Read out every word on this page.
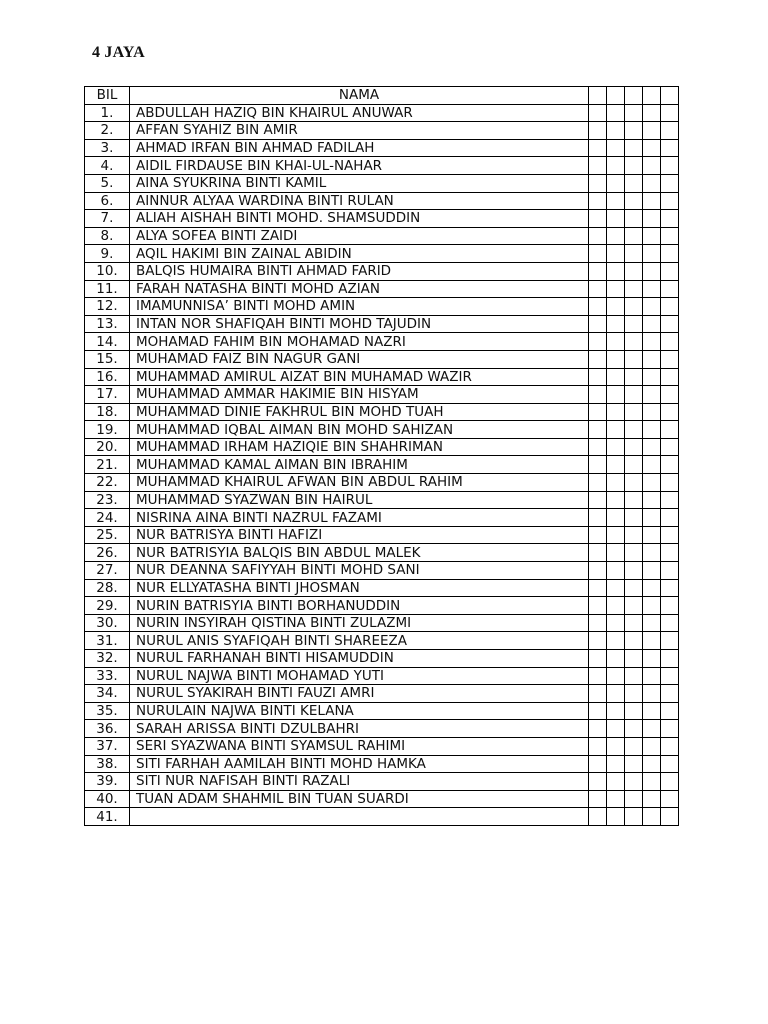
4 JAYA
BIL	NAMA					
1.	ABDULLAH HAZIQ BIN KHAIRUL ANUWAR					
2.	AFFAN SYAHIZ BIN AMIR					
3.	AHMAD IRFAN BIN AHMAD FADILAH					
4.	AIDIL FIRDAUSE BIN KHAI-UL-NAHAR					
5.	AINA SYUKRINA BINTI KAMIL					
6.	AINNUR ALYAA WARDINA BINTI RULAN					
7.	ALIAH AISHAH BINTI MOHD. SHAMSUDDIN					
8.	ALYA SOFEA BINTI ZAIDI					
9.	AQIL HAKIMI BIN ZAINAL ABIDIN					
10.	BALQIS HUMAIRA BINTI AHMAD FARID					
11.	FARAH NATASHA BINTI MOHD AZIAN					
12.	IMAMUNNISA’ BINTI MOHD AMIN					
13.	INTAN NOR SHAFIQAH BINTI MOHD TAJUDIN					
14.	MOHAMAD FAHIM BIN MOHAMAD NAZRI					
15.	MUHAMAD FAIZ BIN NAGUR GANI					
16.	MUHAMMAD AMIRUL AIZAT BIN MUHAMAD WAZIR					
17.	MUHAMMAD AMMAR HAKIMIE BIN HISYAM					
18.	MUHAMMAD DINIE FAKHRUL BIN MOHD TUAH					
19.	MUHAMMAD IQBAL AIMAN BIN MOHD SAHIZAN					
20.	MUHAMMAD IRHAM HAZIQIE BIN SHAHRIMAN					
21.	MUHAMMAD KAMAL AIMAN BIN IBRAHIM					
22.	MUHAMMAD KHAIRUL AFWAN BIN ABDUL RAHIM					
23.	MUHAMMAD SYAZWAN BIN HAIRUL					
24.	NISRINA AINA BINTI NAZRUL FAZAMI					
25.	NUR BATRISYA BINTI HAFIZI					
26.	NUR BATRISYIA BALQIS BIN ABDUL MALEK					
27.	NUR DEANNA SAFIYYAH BINTI MOHD SANI					
28.	NUR ELLYATASHA BINTI JHOSMAN					
29.	NURIN BATRISYIA BINTI BORHANUDDIN					
30.	NURIN INSYIRAH QISTINA BINTI ZULAZMI					
31.	NURUL ANIS SYAFIQAH BINTI SHAREEZA					
32.	NURUL FARHANAH BINTI HISAMUDDIN					
33.	NURUL NAJWA BINTI MOHAMAD YUTI					
34.	NURUL SYAKIRAH BINTI FAUZI AMRI					
35.	NURULAIN NAJWA BINTI KELANA					
36.	SARAH ARISSA BINTI DZULBAHRI					
37.	SERI SYAZWANA BINTI SYAMSUL RAHIMI					
38.	SITI FARHAH AAMILAH BINTI MOHD HAMKA					
39.	SITI NUR NAFISAH BINTI RAZALI					
40.	TUAN ADAM SHAHMIL BIN TUAN SUARDI					
41.						
